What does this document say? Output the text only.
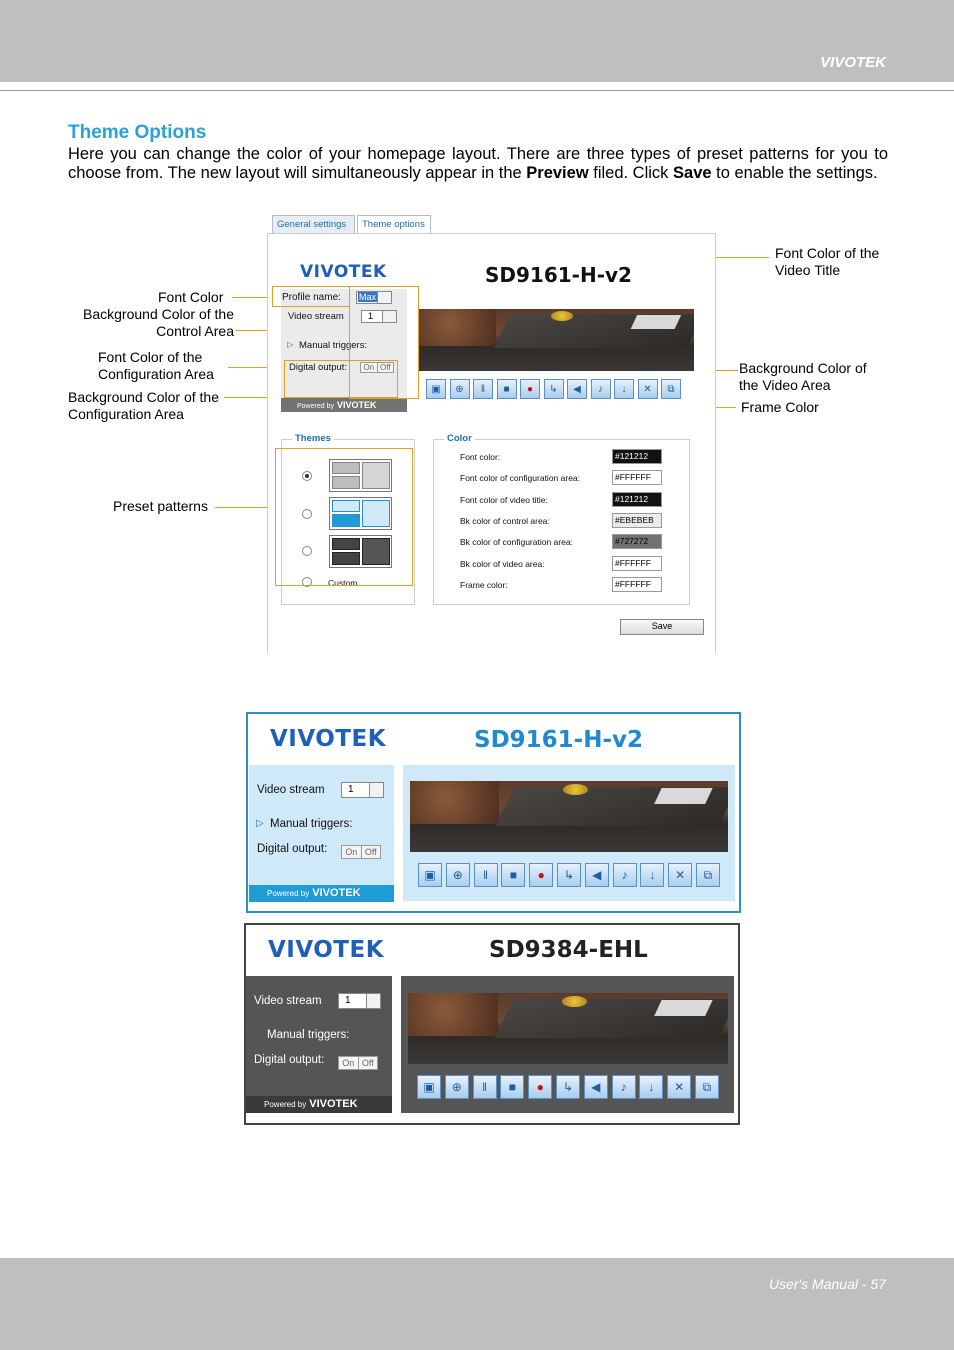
VIVOTEK
User's Manual - 57
Theme Options
Here you can change the color of your homepage layout. There are three types of preset patterns for you to choose from. The new layout will simultaneously appear in the Preview filed. Click Save to enable the settings.
Font Color
Background Color of the Control Area
Font Color of the Configuration Area
Background Color of the Configuration Area
Preset patterns
Font Color of the Video Title
Background Color of the Video Area
Frame Color
General settings	Theme options
VIVOTEK	SD9161-H-v2
Profile name:	Max
Video stream	1
▷ Manual triggers:
Digital output:	On Off
Powered by VIVOTEK
▣	⊕	‖	■	●	↳	◀	♪	↓	✕	⧉
Themes
Custom
Color
Font color:	#121212
Font color of configuration area:	#FFFFFF
Font color of video title:	#121212
Bk color of control area:	#EBEBEB
Bk color of configuration area:	#727272
Bk color of video area:	#FFFFFF
Frame color:	#FFFFFF
Save
VIVOTEK	SD9161-H-v2
Video stream	1
▷ Manual triggers:
Digital output:	On Off
Powered by VIVOTEK
▣	⊕	‖	■	●	↳	◀	♪	↓	✕	⧉
VIVOTEK	SD9384-EHL
Video stream	1
▷ Manual triggers:
Digital output:	On Off
Powered by VIVOTEK
▣	⊕	‖	■	●	↳	◀	♪	↓	✕	⧉
